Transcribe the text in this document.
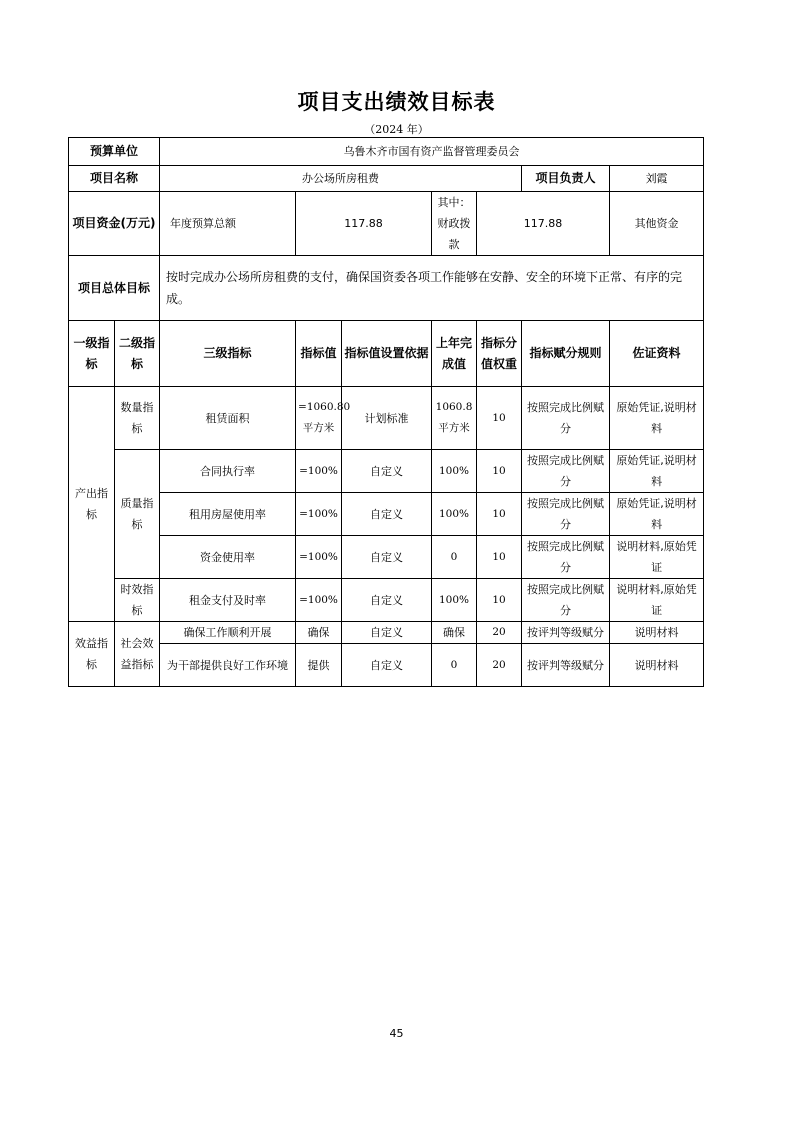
项目支出绩效目标表
（2024 年）
预算单位		乌鲁木齐市国有资产监督管理委员会							
项目名称		办公场所房租费					项目负责人	刘霞	
项目资金(万元)		年度预算总额	117.88		其中：财政拨款	117.88		其他资金	
项目总体目标		按时完成办公场所房租费的支付，确保国资委各项工作能够在安静、安全的环境下正常、有序的完成。							
一级指标	二级指标	三级指标	指标值	指标值设置依据	上年完成值	指标分值权重	指标赋分规则	佐证资料	
产出指标	数量指标	租赁面积	=1060.80平方米	计划标准	1060.8平方米	10	按照完成比例赋分	原始凭证,说明材料	
	质量指标	合同执行率	=100%	自定义	100%	10	按照完成比例赋分	原始凭证,说明材料	
		租用房屋使用率	=100%	自定义	100%	10	按照完成比例赋分	原始凭证,说明材料	
		资金使用率	=100%	自定义	0	10	按照完成比例赋分	说明材料,原始凭证	
	时效指标	租金支付及时率	=100%	自定义	100%	10	按照完成比例赋分	说明材料,原始凭证	
效益指标	社会效益指标	确保工作顺利开展	确保	自定义	确保	20	按评判等级赋分	说明材料	
		为干部提供良好工作环境	提供	自定义	0	20	按评判等级赋分	说明材料	
45
